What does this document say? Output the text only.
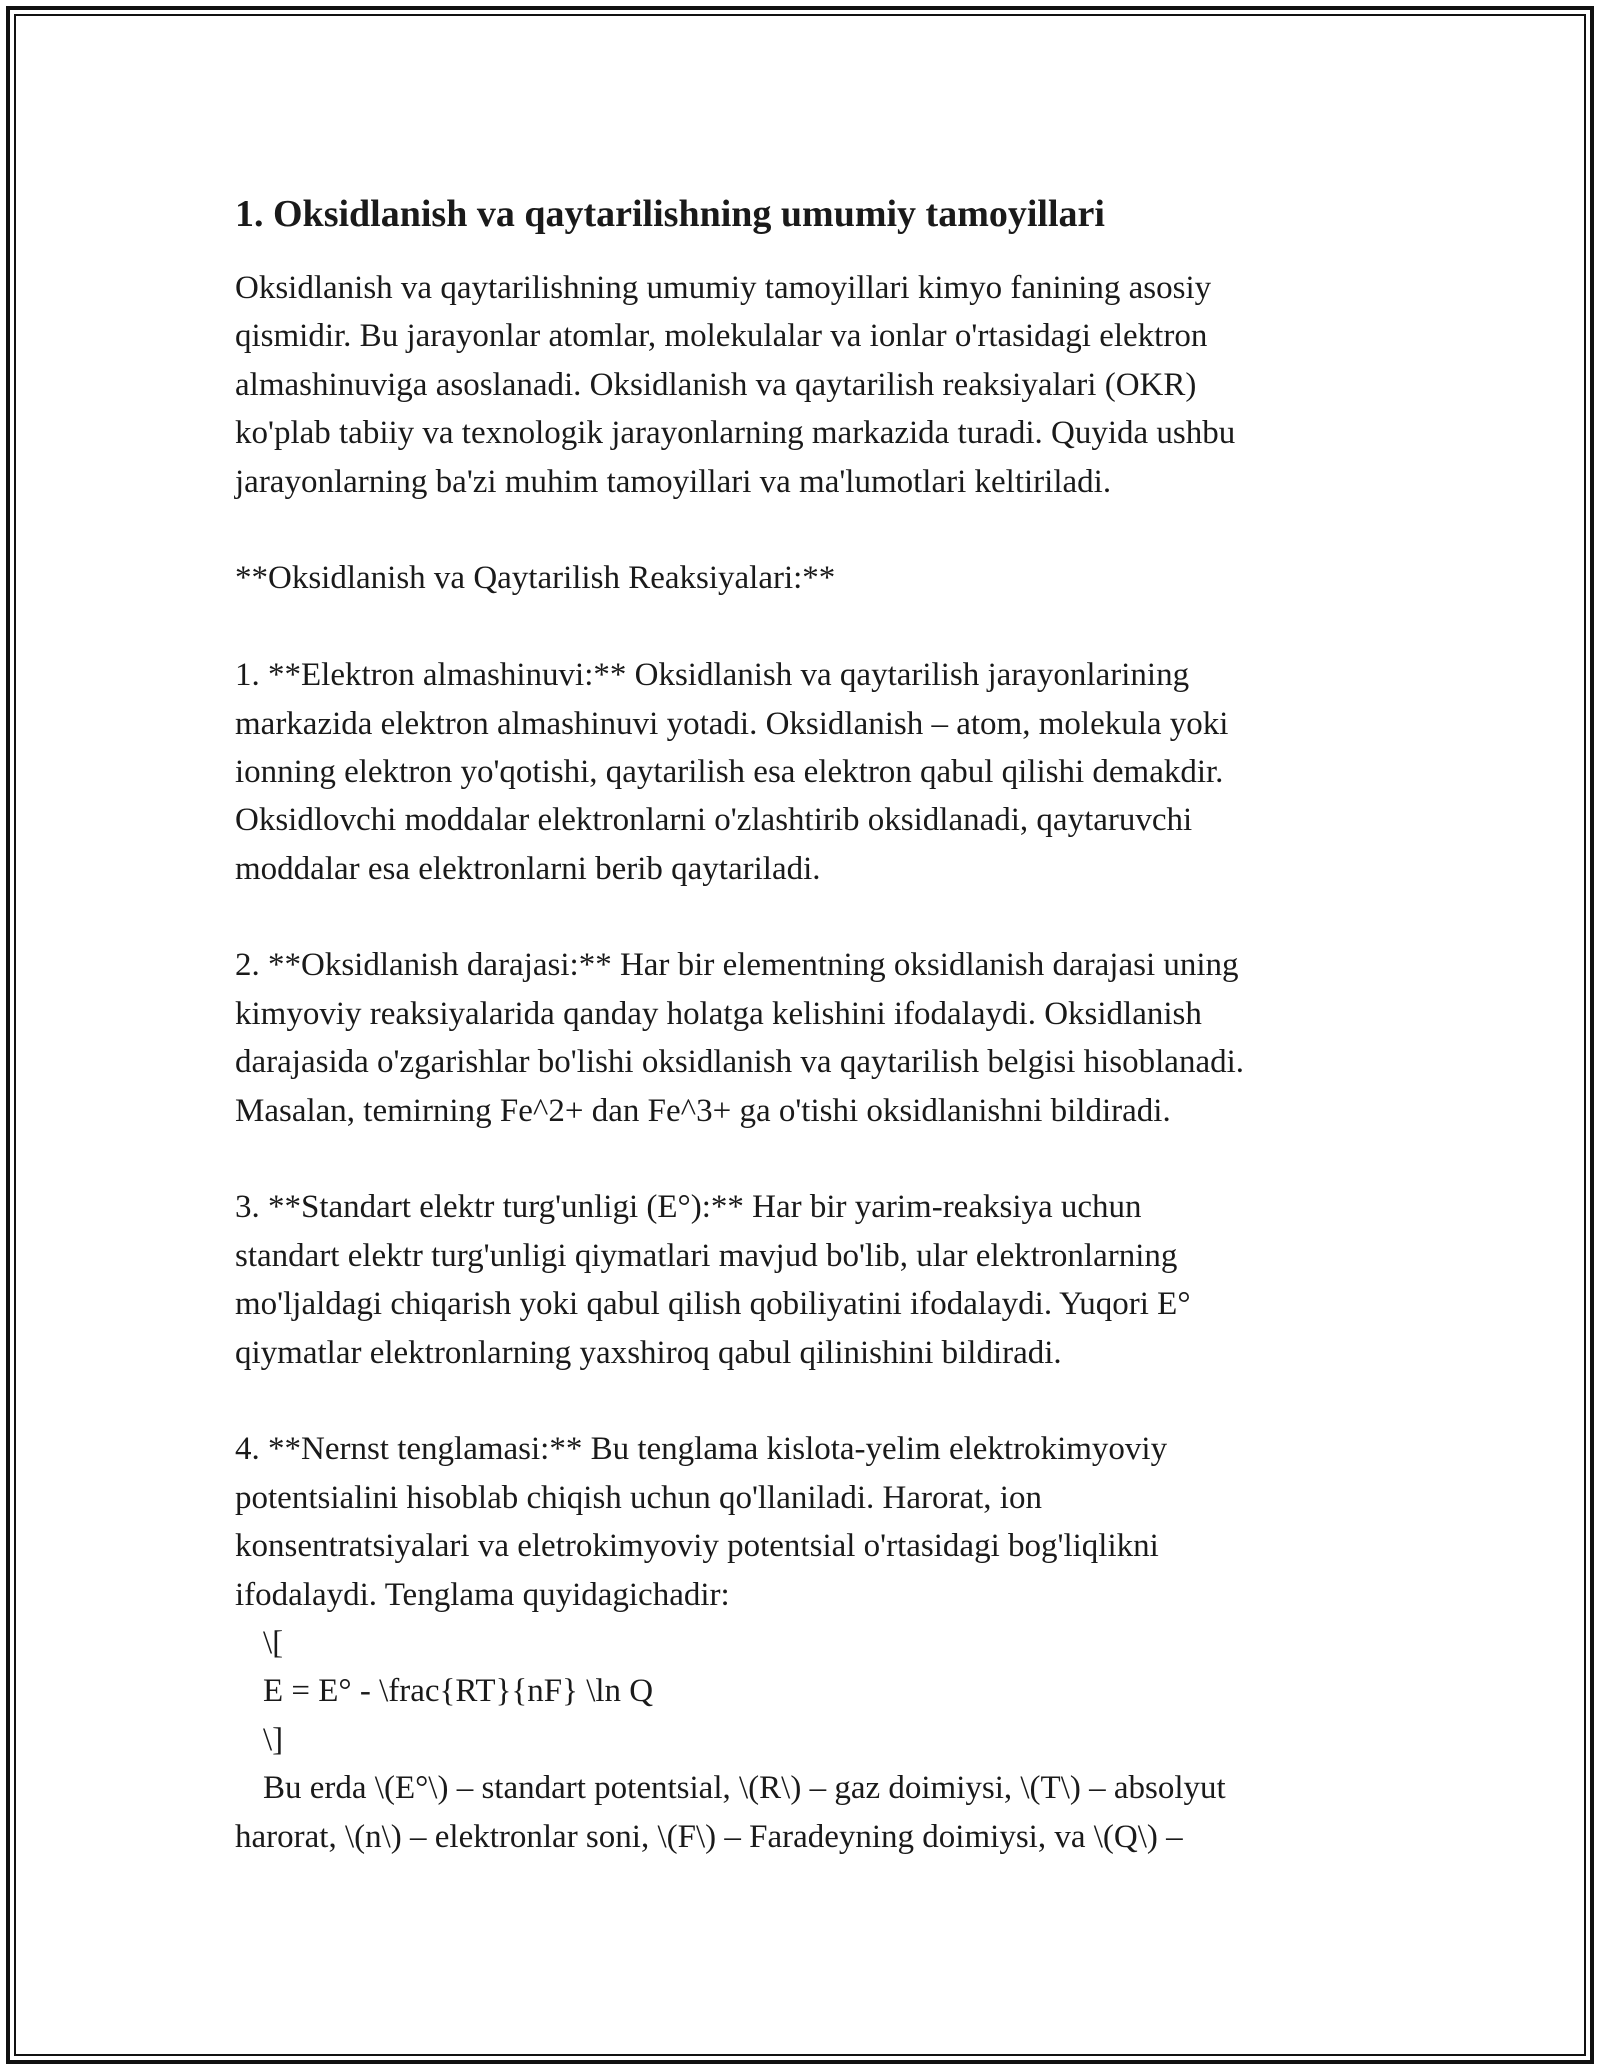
1. Oksidlanish va qaytarilishning umumiy tamoyillari
Oksidlanish va qaytarilishning umumiy tamoyillari kimyo fanining asosiy
qismidir. Bu jarayonlar atomlar, molekulalar va ionlar o'rtasidagi elektron
almashinuviga asoslanadi. Oksidlanish va qaytarilish reaksiyalari (OKR)
ko'plab tabiiy va texnologik jarayonlarning markazida turadi. Quyida ushbu
jarayonlarning ba'zi muhim tamoyillari va ma'lumotlari keltiriladi.
**Oksidlanish va Qaytarilish Reaksiyalari:**
1. **Elektron almashinuvi:** Oksidlanish va qaytarilish jarayonlarining
markazida elektron almashinuvi yotadi. Oksidlanish – atom, molekula yoki
ionning elektron yo'qotishi, qaytarilish esa elektron qabul qilishi demakdir.
Oksidlovchi moddalar elektronlarni o'zlashtirib oksidlanadi, qaytaruvchi
moddalar esa elektronlarni berib qaytariladi.
2. **Oksidlanish darajasi:** Har bir elementning oksidlanish darajasi uning
kimyoviy reaksiyalarida qanday holatga kelishini ifodalaydi. Oksidlanish
darajasida o'zgarishlar bo'lishi oksidlanish va qaytarilish belgisi hisoblanadi.
Masalan, temirning Fe^2+ dan Fe^3+ ga o'tishi oksidlanishni bildiradi.
3. **Standart elektr turg'unligi (E°):** Har bir yarim-reaksiya uchun
standart elektr turg'unligi qiymatlari mavjud bo'lib, ular elektronlarning
mo'ljaldagi chiqarish yoki qabul qilish qobiliyatini ifodalaydi. Yuqori E°
qiymatlar elektronlarning yaxshiroq qabul qilinishini bildiradi.
4. **Nernst tenglamasi:** Bu tenglama kislota-yelim elektrokimyoviy
potentsialini hisoblab chiqish uchun qo'llaniladi. Harorat, ion
konsentratsiyalari va eletrokimyoviy potentsial o'rtasidagi bog'liqlikni
ifodalaydi. Tenglama quyidagichadir:
\[
E = E° - \frac{RT}{nF} \ln Q
\]
Bu erda \(E°\) – standart potentsial, \(R\) – gaz doimiysi, \(T\) – absolyut
harorat, \(n\) – elektronlar soni, \(F\) – Faradeyning doimiysi, va \(Q\) –
